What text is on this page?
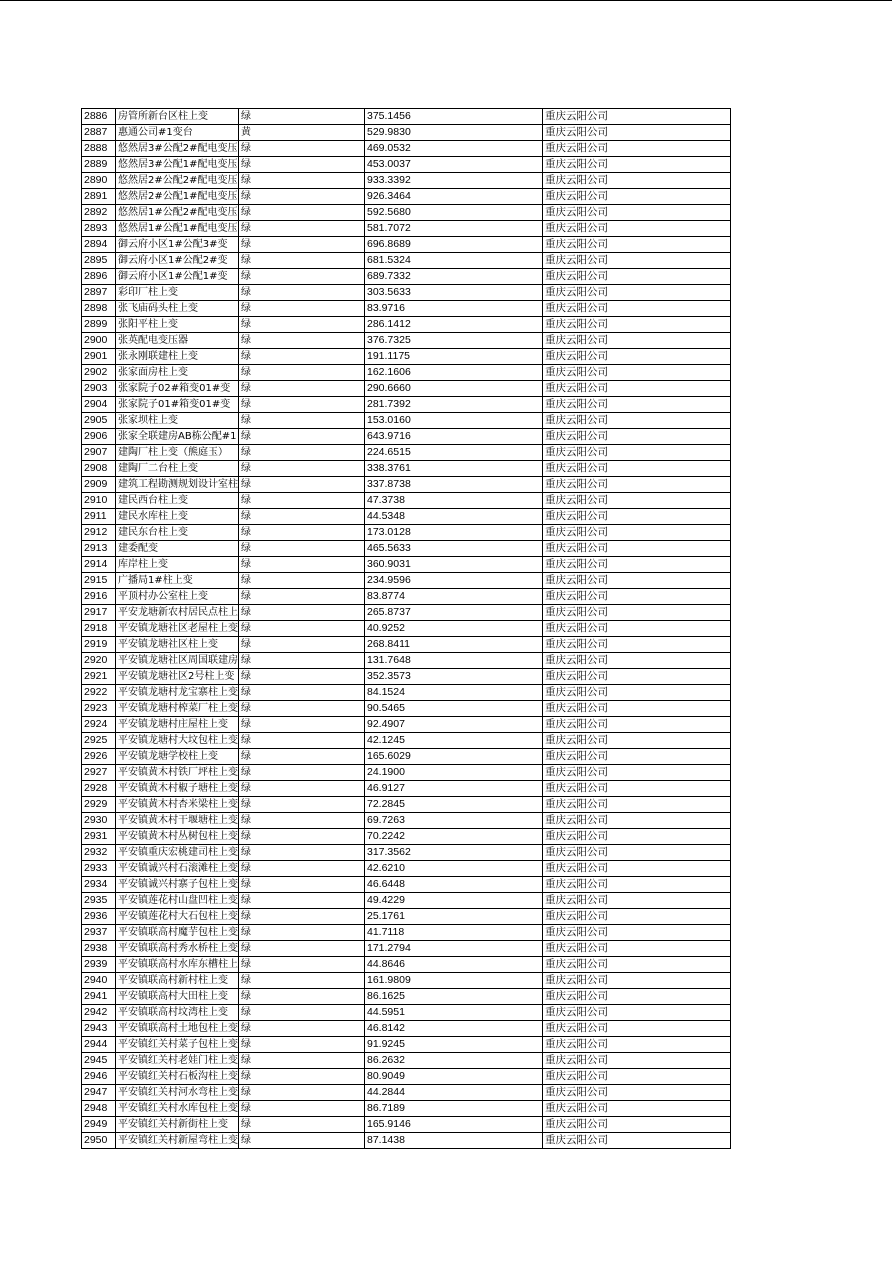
2886	房管所新台区柱上变	绿	375.1456	重庆云阳公司
2887	惠通公司#1变台	黄	529.9830	重庆云阳公司
2888	悠然居3#公配2#配电变压	绿	469.0532	重庆云阳公司
2889	悠然居3#公配1#配电变压	绿	453.0037	重庆云阳公司
2890	悠然居2#公配2#配电变压	绿	933.3392	重庆云阳公司
2891	悠然居2#公配1#配电变压	绿	926.3464	重庆云阳公司
2892	悠然居1#公配2#配电变压	绿	592.5680	重庆云阳公司
2893	悠然居1#公配1#配电变压	绿	581.7072	重庆云阳公司
2894	御云府小区1#公配3#变	绿	696.8689	重庆云阳公司
2895	御云府小区1#公配2#变	绿	681.5324	重庆云阳公司
2896	御云府小区1#公配1#变	绿	689.7332	重庆云阳公司
2897	彩印厂柱上变	绿	303.5633	重庆云阳公司
2898	张飞庙码头柱上变	绿	83.9716	重庆云阳公司
2899	张阳平柱上变	绿	286.1412	重庆云阳公司
2900	张英配电变压器	绿	376.7325	重庆云阳公司
2901	张永刚联建柱上变	绿	191.1175	重庆云阳公司
2902	张家面房柱上变	绿	162.1606	重庆云阳公司
2903	张家院子02#箱变01#变	绿	290.6660	重庆云阳公司
2904	张家院子01#箱变01#变	绿	281.7392	重庆云阳公司
2905	张家坝柱上变	绿	153.0160	重庆云阳公司
2906	张家全联建房AB栋公配#1	绿	643.9716	重庆云阳公司
2907	建陶厂柱上变（熊庭玉）	绿	224.6515	重庆云阳公司
2908	建陶厂二台柱上变	绿	338.3761	重庆云阳公司
2909	建筑工程勘测规划设计室柱	绿	337.8738	重庆云阳公司
2910	建民西台柱上变	绿	47.3738	重庆云阳公司
2911	建民水库柱上变	绿	44.5348	重庆云阳公司
2912	建民东台柱上变	绿	173.0128	重庆云阳公司
2913	建委配变	绿	465.5633	重庆云阳公司
2914	库岸柱上变	绿	360.9031	重庆云阳公司
2915	广播局1#柱上变	绿	234.9596	重庆云阳公司
2916	平顶村办公室柱上变	绿	83.8774	重庆云阳公司
2917	平安龙塘新农村居民点柱上	绿	265.8737	重庆云阳公司
2918	平安镇龙塘社区老屋柱上变	绿	40.9252	重庆云阳公司
2919	平安镇龙塘社区柱上变	绿	268.8411	重庆云阳公司
2920	平安镇龙塘社区周国联建房	绿	131.7648	重庆云阳公司
2921	平安镇龙塘社区2号柱上变	绿	352.3573	重庆云阳公司
2922	平安镇龙塘村龙宝寨柱上变	绿	84.1524	重庆云阳公司
2923	平安镇龙塘村榨菜厂柱上变	绿	90.5465	重庆云阳公司
2924	平安镇龙塘村庄屋柱上变	绿	92.4907	重庆云阳公司
2925	平安镇龙塘村大坟包柱上变	绿	42.1245	重庆云阳公司
2926	平安镇龙塘学校柱上变	绿	165.6029	重庆云阳公司
2927	平安镇黄木村铁厂坪柱上变	绿	24.1900	重庆云阳公司
2928	平安镇黄木村椒子塘柱上变	绿	46.9127	重庆云阳公司
2929	平安镇黄木村杏米梁柱上变	绿	72.2845	重庆云阳公司
2930	平安镇黄木村干堰塘柱上变	绿	69.7263	重庆云阳公司
2931	平安镇黄木村丛树包柱上变	绿	70.2242	重庆云阳公司
2932	平安镇重庆宏桃建司柱上变	绿	317.3562	重庆云阳公司
2933	平安镇诚兴村石滚滩柱上变	绿	42.6210	重庆云阳公司
2934	平安镇诚兴村寨子包柱上变	绿	46.6448	重庆云阳公司
2935	平安镇莲花村山盘凹柱上变	绿	49.4229	重庆云阳公司
2936	平安镇莲花村大石包柱上变	绿	25.1761	重庆云阳公司
2937	平安镇联高村魔芋包柱上变	绿	41.7118	重庆云阳公司
2938	平安镇联高村秀水桥柱上变	绿	171.2794	重庆云阳公司
2939	平安镇联高村水库东槽柱上	绿	44.8646	重庆云阳公司
2940	平安镇联高村新村柱上变	绿	161.9809	重庆云阳公司
2941	平安镇联高村大田柱上变	绿	86.1625	重庆云阳公司
2942	平安镇联高村坟湾柱上变	绿	44.5951	重庆云阳公司
2943	平安镇联高村土地包柱上变	绿	46.8142	重庆云阳公司
2944	平安镇红关村菜子包柱上变	绿	91.9245	重庆云阳公司
2945	平安镇红关村老娃门柱上变	绿	86.2632	重庆云阳公司
2946	平安镇红关村石板沟柱上变	绿	80.9049	重庆云阳公司
2947	平安镇红关村河水弯柱上变	绿	44.2844	重庆云阳公司
2948	平安镇红关村水库包柱上变	绿	86.7189	重庆云阳公司
2949	平安镇红关村新街柱上变	绿	165.9146	重庆云阳公司
2950	平安镇红关村新屋弯柱上变	绿	87.1438	重庆云阳公司
